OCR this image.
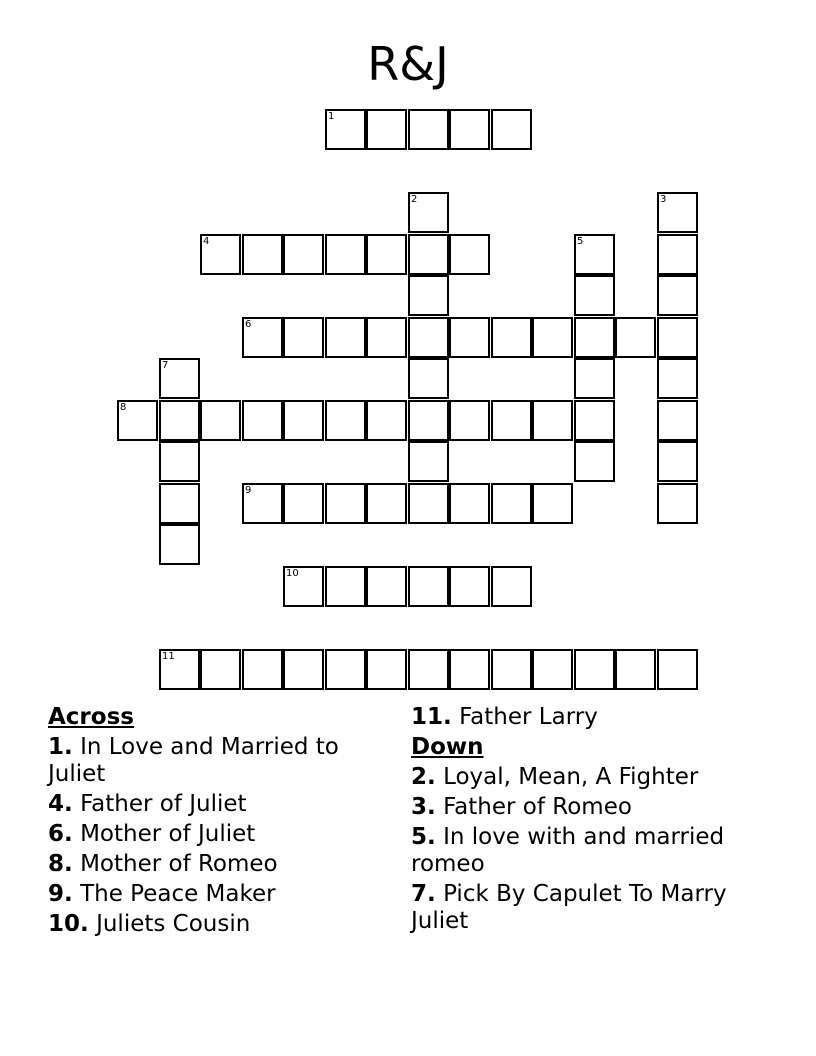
R&J
1
2	3
4	5
6
7
8
9
10
11
Across
1. In Love and Married to Juliet
4. Father of Juliet
6. Mother of Juliet
8. Mother of Romeo
9. The Peace Maker
10. Juliets Cousin
11. Father Larry
Down
2. Loyal, Mean, A Fighter
3. Father of Romeo
5. In love with and married romeo
7. Pick By Capulet To Marry Juliet
